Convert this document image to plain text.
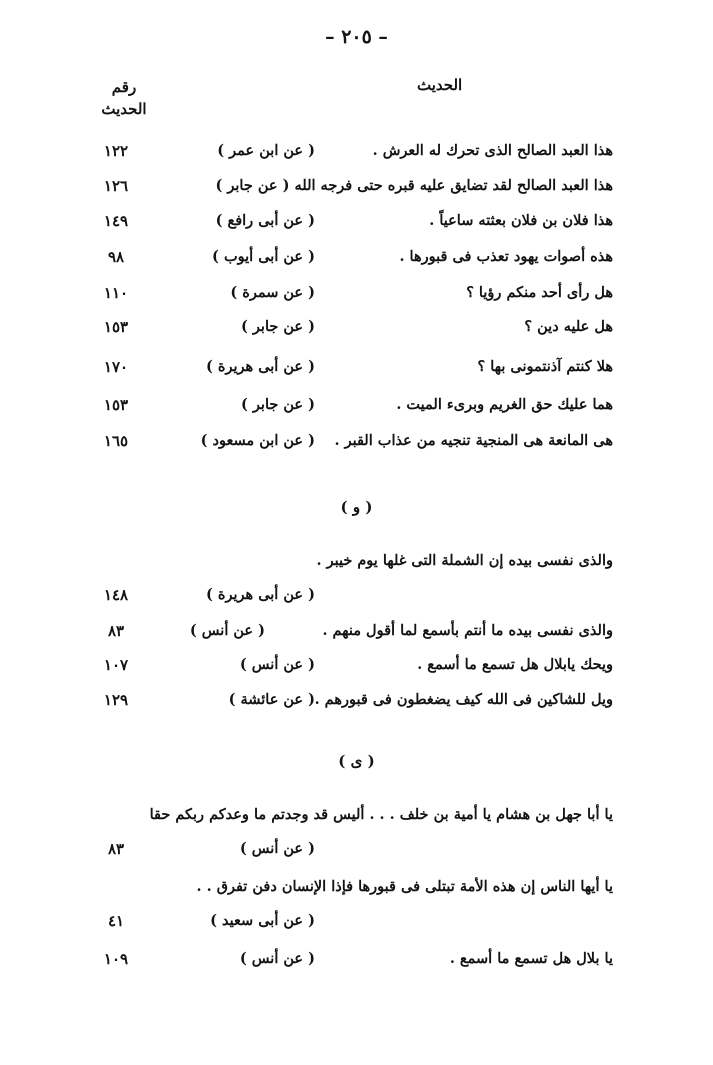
– ٢٠٥ –
الحديث
رقم
الحديث
هذا العبد الصالح الذى تحرك له العرش .
( عن ابن عمر )
١٢٢
هذا العبد الصالح لقد تضايق عليه قبره حتى فرجه الله ( عن جابر )
١٢٦
هذا فلان بن فلان بعثته ساعياً .
( عن أبى رافع )
١٤٩
هذه أصوات يهود تعذب فى قبورها .
( عن أبى أيوب )
٩٨
هل رأى أحد منكم رؤيا ؟
( عن سمرة )
١١٠
هل عليه دين ؟
( عن جابر )
١٥٣
هلا كنتم آذنتمونى بها ؟
( عن أبى هريرة )
١٧٠
هما عليك حق الغريم وبرىء الميت .
( عن جابر )
١٥٣
هى المانعة هى المنجية تنجيه من عذاب القبر .
( عن ابن مسعود )
١٦٥
( و )
والذى نفسى بيده إن الشملة التى غلها يوم خيبر .
( عن أبى هريرة )
١٤٨
والذى نفسى بيده ما أنتم بأسمع لما أقول منهم .
( عن أنس )
٨٣
ويحك يابلال هل تسمع ما أسمع .
( عن أنس )
١٠٧
ويل للشاكين فى الله كيف يضغطون فى قبورهم .
( عن عائشة )
١٢٩
( ى )
يا أبا جهل بن هشام يا أمية بن خلف . . . أليس قد وجدتم ما وعدكم ربكم حقا
( عن أنس )
٨٣
يا أيها الناس إن هذه الأمة تبتلى فى قبورها فإذا الإنسان دفن تفرق . .
( عن أبى سعيد )
٤١
يا بلال هل تسمع ما أسمع .
( عن أنس )
١٠٩
